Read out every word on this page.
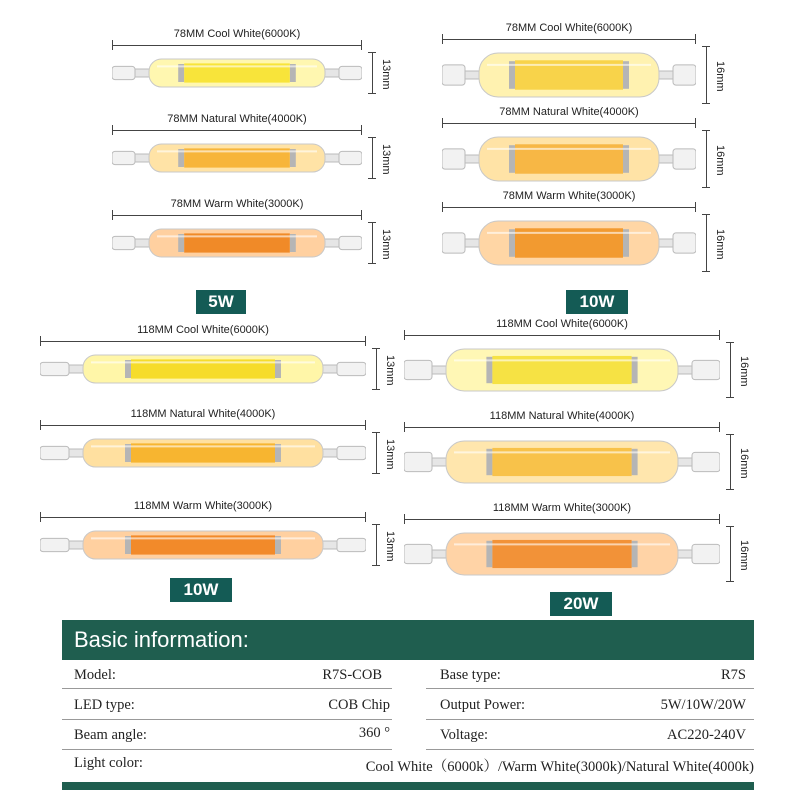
78MM Cool White(6000K)
13mm
78MM Natural White(4000K)
13mm
78MM Warm White(3000K)
13mm
78MM Cool White(6000K)
16mm
78MM Natural White(4000K)
16mm
78MM Warm White(3000K)
16mm
118MM Cool White(6000K)
13mm
118MM Natural White(4000K)
13mm
118MM Warm White(3000K)
13mm
118MM Cool White(6000K)
16mm
118MM Natural White(4000K)
16mm
118MM Warm White(3000K)
16mm
5W	10W
10W
20W
Basic information:
Model:	R7S-COB	Base type:	R7S
LED type:	COB Chip	Output Power:	5W/10W/20W
Beam angle:	360 °	Voltage:	AC220-240V
Light color:	Cool White（6000k）/Warm White(3000k)/Natural White(4000k)
